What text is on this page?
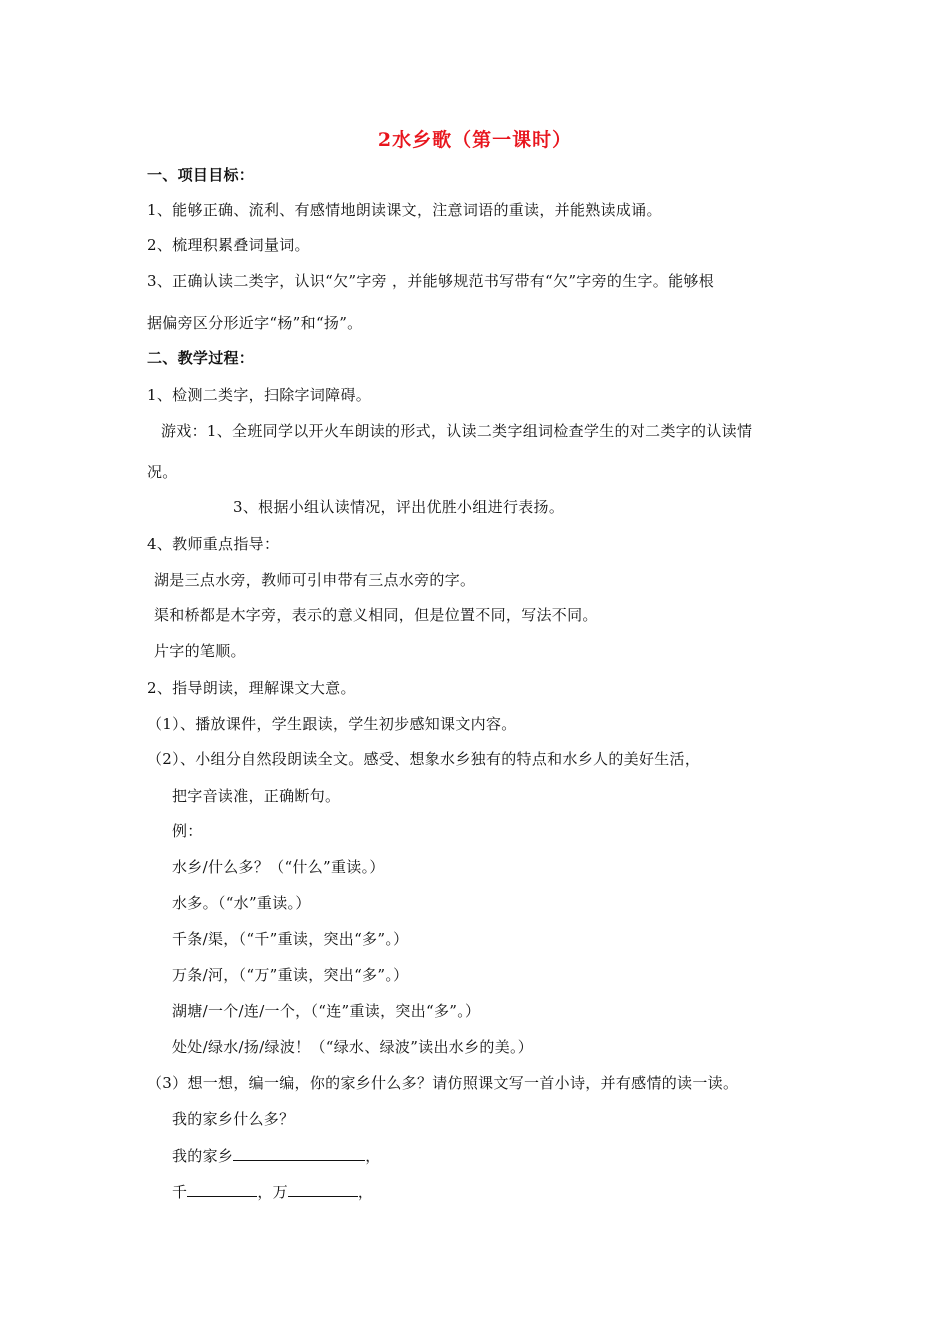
2水乡歌（第一课时）
一、项目目标：
1、能够正确、流利、有感情地朗读课文，注意词语的重读，并能熟读成诵。
2、梳理积累叠词量词。
3、正确认读二类字，认识“欠”字旁 ，并能够规范书写带有“欠”字旁的生字。能够根
据偏旁区分形近字“杨”和“扬”。
二、教学过程：
1、检测二类字，扫除字词障碍。
游戏：1、全班同学以开火车朗读的形式，认读二类字组词检查学生的对二类字的认读情
况。
3、根据小组认读情况，评出优胜小组进行表扬。
4、教师重点指导：
湖是三点水旁，教师可引申带有三点水旁的字。
渠和桥都是木字旁，表示的意义相同，但是位置不同，写法不同。
片字的笔顺。
2、指导朗读，理解课文大意。
（1）、播放课件，学生跟读，学生初步感知课文内容。
（2）、小组分自然段朗读全文。感受、想象水乡独有的特点和水乡人的美好生活，
把字音读准，正确断句。
例：
水乡/什么多？（“什么”重读。）
水多。（“水”重读。）
千条/渠，（“千”重读，突出“多”。）
万条/河，（“万”重读，突出“多”。）
湖塘/一个/连/一个，（“连”重读，突出“多”。）
处处/绿水/扬/绿波！（“绿水、绿波”读出水乡的美。）
（3）想一想，编一编，你的家乡什么多？请仿照课文写一首小诗，并有感情的读一读。
我的家乡什么多？
我的家乡	，
千	，万	，
